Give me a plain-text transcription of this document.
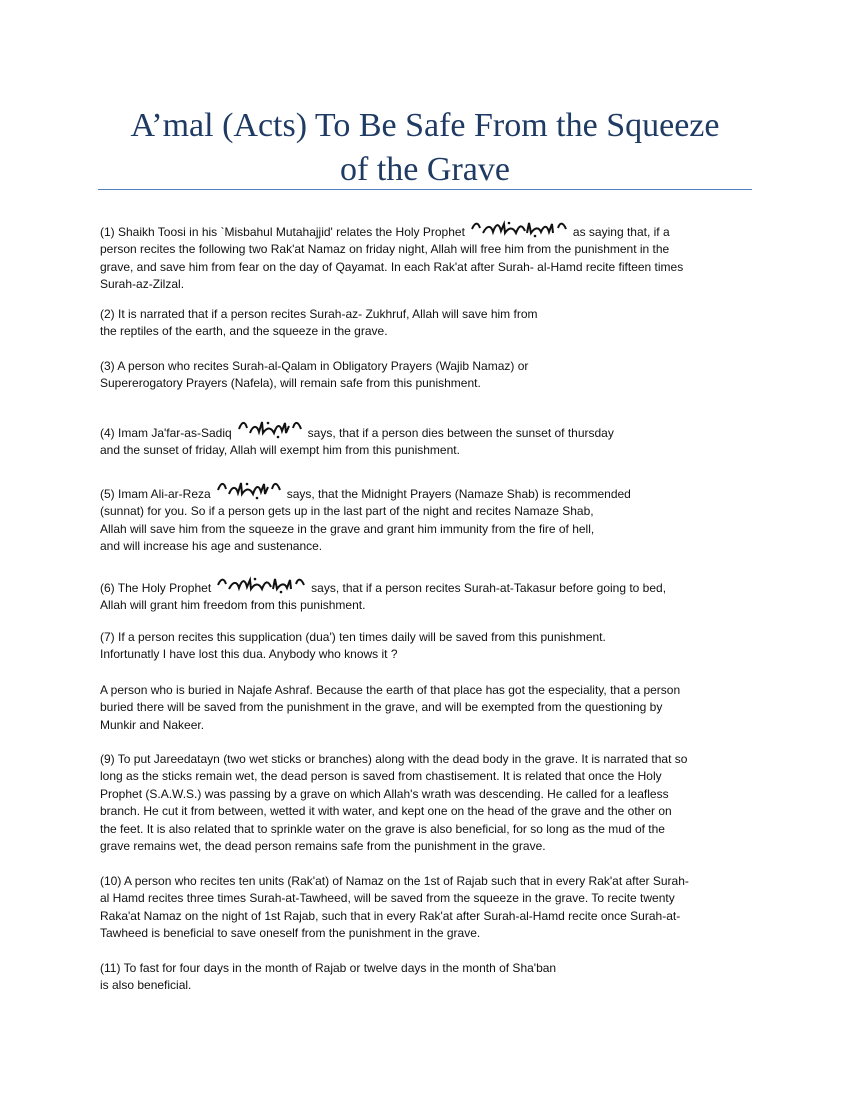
A’mal (Acts) To Be Safe From the Squeeze
of the Grave

(1) Shaikh Toosi in his `Misbahul Mutahajjid' relates the Holy Prophet	as saying that, if a
person recites the following two Rak'at Namaz on friday night, Allah will free him from the punishment in the
grave, and save him from fear on the day of Qayamat. In each Rak'at after Surah- al-Hamd recite fifteen times
Surah-az-Zilzal.

(2) It is narrated that if a person recites Surah-az- Zukhruf, Allah will save him from
the reptiles of the earth, and the squeeze in the grave.

(3) A person who recites Surah-al-Qalam in Obligatory Prayers (Wajib Namaz) or
Supererogatory Prayers (Nafela), will remain safe from this punishment.

(4) Imam Ja'far-as-Sadiq	says, that if a person dies between the sunset of thursday
and the sunset of friday, Allah will exempt him from this punishment.

(5) Imam Ali-ar-Reza	says, that the Midnight Prayers (Namaze Shab) is recommended
(sunnat) for you. So if a person gets up in the last part of the night and recites Namaze Shab,
Allah will save him from the squeeze in the grave and grant him immunity from the fire of hell,
and will increase his age and sustenance.

(6) The Holy Prophet	says, that if a person recites Surah-at-Takasur before going to bed,
Allah will grant him freedom from this punishment.

(7) If a person recites this supplication (dua') ten times daily will be saved from this punishment.
Infortunatly I have lost this dua. Anybody who knows it ?

A person who is buried in Najafe Ashraf. Because the earth of that place has got the especiality, that a person
buried there will be saved from the punishment in the grave, and will be exempted from the questioning by
Munkir and Nakeer.

(9) To put Jareedatayn (two wet sticks or branches) along with the dead body in the grave. It is narrated that so
long as the sticks remain wet, the dead person is saved from chastisement. It is related that once the Holy
Prophet (S.A.W.S.) was passing by a grave on which Allah's wrath was descending. He called for a leafless
branch. He cut it from between, wetted it with water, and kept one on the head of the grave and the other on
the feet. It is also related that to sprinkle water on the grave is also beneficial, for so long as the mud of the
grave remains wet, the dead person remains safe from the punishment in the grave.

(10) A person who recites ten units (Rak'at) of Namaz on the 1st of Rajab such that in every Rak'at after Surah-
al Hamd recites three times Surah-at-Tawheed, will be saved from the squeeze in the grave. To recite twenty
Raka'at Namaz on the night of 1st Rajab, such that in every Rak'at after Surah-al-Hamd recite once Surah-at-
Tawheed is beneficial to save oneself from the punishment in the grave.

(11) To fast for four days in the month of Rajab or twelve days in the month of Sha'ban
is also beneficial.
